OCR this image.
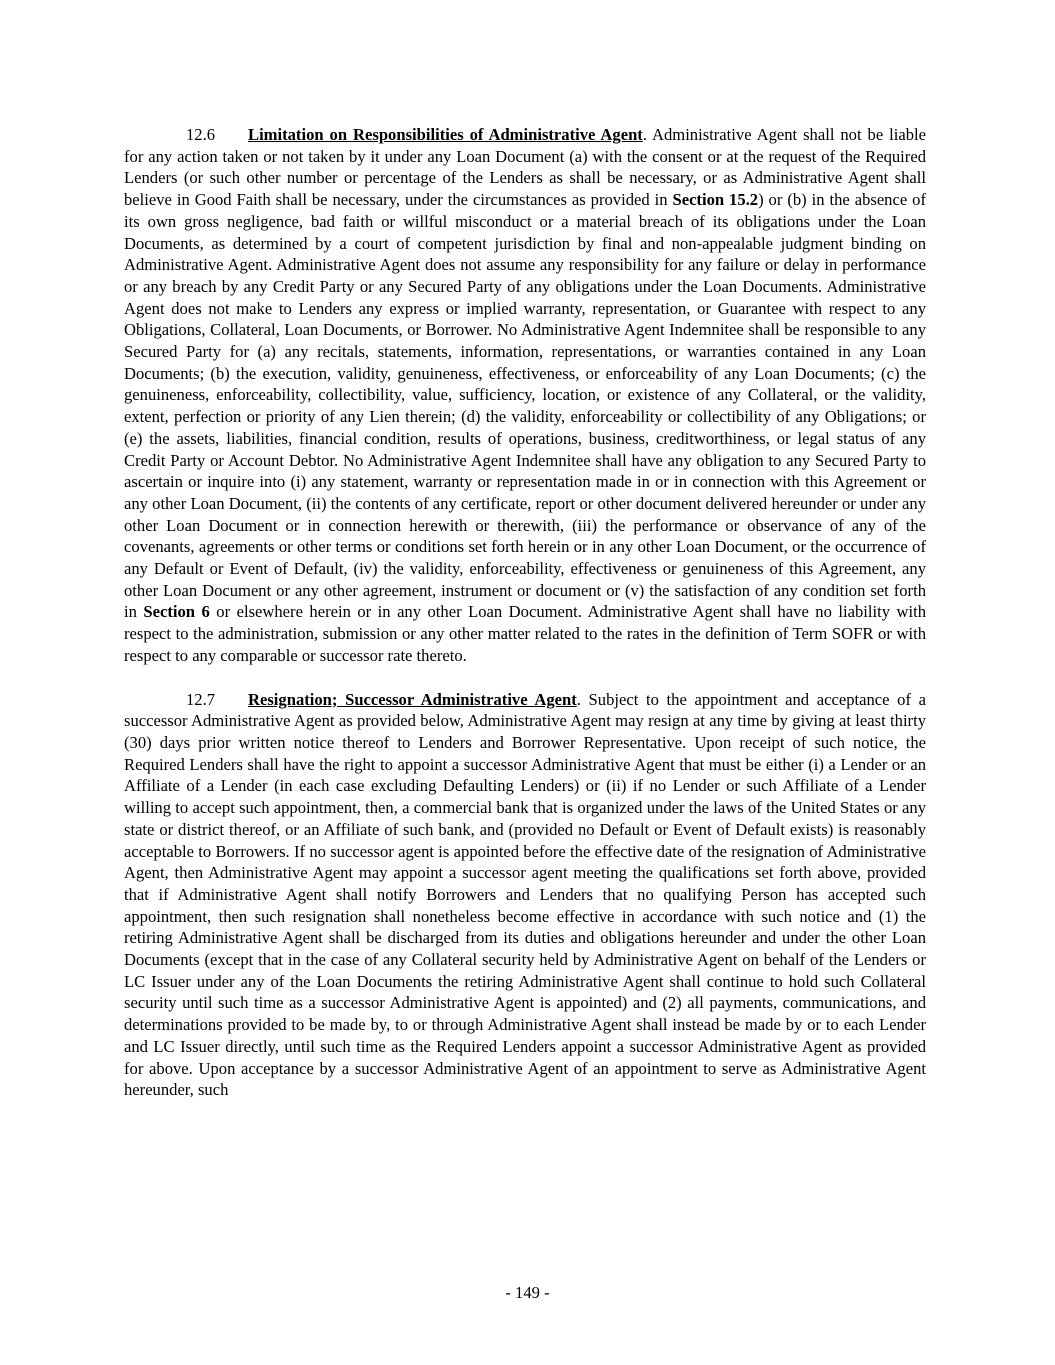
12.6 Limitation on Responsibilities of Administrative Agent. Administrative Agent shall not be liable for any action taken or not taken by it under any Loan Document (a) with the consent or at the request of the Required Lenders (or such other number or percentage of the Lenders as shall be necessary, or as Administrative Agent shall believe in Good Faith shall be necessary, under the circumstances as provided in Section 15.2) or (b) in the absence of its own gross negligence, bad faith or willful misconduct or a material breach of its obligations under the Loan Documents, as determined by a court of competent jurisdiction by final and non-appealable judgment binding on Administrative Agent. Administrative Agent does not assume any responsibility for any failure or delay in performance or any breach by any Credit Party or any Secured Party of any obligations under the Loan Documents. Administrative Agent does not make to Lenders any express or implied warranty, representation, or Guarantee with respect to any Obligations, Collateral, Loan Documents, or Borrower. No Administrative Agent Indemnitee shall be responsible to any Secured Party for (a) any recitals, statements, information, representations, or warranties contained in any Loan Documents; (b) the execution, validity, genuineness, effectiveness, or enforceability of any Loan Documents; (c) the genuineness, enforceability, collectibility, value, sufficiency, location, or existence of any Collateral, or the validity, extent, perfection or priority of any Lien therein; (d) the validity, enforceability or collectibility of any Obligations; or (e) the assets, liabilities, financial condition, results of operations, business, creditworthiness, or legal status of any Credit Party or Account Debtor. No Administrative Agent Indemnitee shall have any obligation to any Secured Party to ascertain or inquire into (i) any statement, warranty or representation made in or in connection with this Agreement or any other Loan Document, (ii) the contents of any certificate, report or other document delivered hereunder or under any other Loan Document or in connection herewith or therewith, (iii) the performance or observance of any of the covenants, agreements or other terms or conditions set forth herein or in any other Loan Document, or the occurrence of any Default or Event of Default, (iv) the validity, enforceability, effectiveness or genuineness of this Agreement, any other Loan Document or any other agreement, instrument or document or (v) the satisfaction of any condition set forth in Section 6 or elsewhere herein or in any other Loan Document. Administrative Agent shall have no liability with respect to the administration, submission or any other matter related to the rates in the definition of Term SOFR or with respect to any comparable or successor rate thereto.

12.7 Resignation; Successor Administrative Agent. Subject to the appointment and acceptance of a successor Administrative Agent as provided below, Administrative Agent may resign at any time by giving at least thirty (30) days prior written notice thereof to Lenders and Borrower Representative. Upon receipt of such notice, the Required Lenders shall have the right to appoint a successor Administrative Agent that must be either (i) a Lender or an Affiliate of a Lender (in each case excluding Defaulting Lenders) or (ii) if no Lender or such Affiliate of a Lender willing to accept such appointment, then, a commercial bank that is organized under the laws of the United States or any state or district thereof, or an Affiliate of such bank, and (provided no Default or Event of Default exists) is reasonably acceptable to Borrowers. If no successor agent is appointed before the effective date of the resignation of Administrative Agent, then Administrative Agent may appoint a successor agent meeting the qualifications set forth above, provided that if Administrative Agent shall notify Borrowers and Lenders that no qualifying Person has accepted such appointment, then such resignation shall nonetheless become effective in accordance with such notice and (1) the retiring Administrative Agent shall be discharged from its duties and obligations hereunder and under the other Loan Documents (except that in the case of any Collateral security held by Administrative Agent on behalf of the Lenders or LC Issuer under any of the Loan Documents the retiring Administrative Agent shall continue to hold such Collateral security until such time as a successor Administrative Agent is appointed) and (2) all payments, communications, and determinations provided to be made by, to or through Administrative Agent shall instead be made by or to each Lender and LC Issuer directly, until such time as the Required Lenders appoint a successor Administrative Agent as provided for above. Upon acceptance by a successor Administrative Agent of an appointment to serve as Administrative Agent hereunder, such

- 149 -
